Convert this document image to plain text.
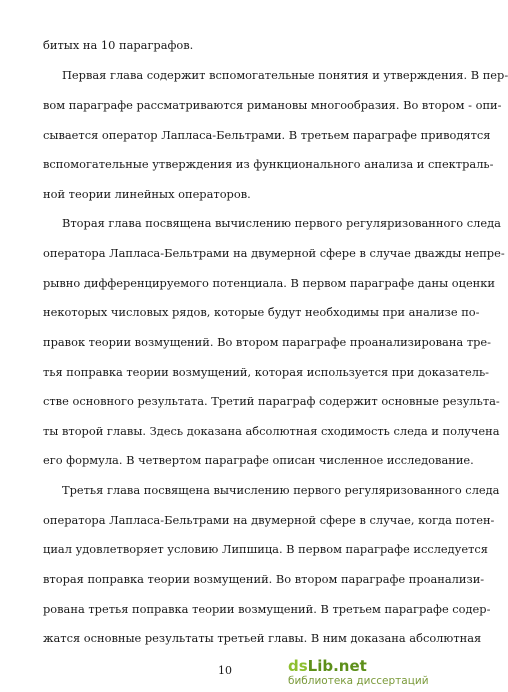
битых на 10 параграфов.
Первая глава содержит вспомогательные понятия и утверждения. В пер-
вом параграфе рассматриваются римановы многообразия. Во втором - опи-
сывается оператор Лапласа-Бельтрами. В третьем параграфе приводятся
вспомогательные утверждения из функционального анализа и спектраль-
ной теории линейных операторов.
Вторая глава посвящена вычислению первого регуляризованного следа
оператора Лапласа-Бельтрами на двумерной сфере в случае дважды непре-
рывно дифференцируемого потенциала. В первом параграфе даны оценки
некоторых числовых рядов, которые будут необходимы при анализе по-
правок теории возмущений. Во втором параграфе проанализирована тре-
тья поправка теории возмущений, которая используется при доказатель-
стве основного результата. Третий параграф содержит основные результа-
ты второй главы. Здесь доказана абсолютная сходимость следа и получена
его формула. В четвертом параграфе описан численное исследование.
Третья глава посвящена вычислению первого регуляризованного следа
оператора Лапласа-Бельтрами на двумерной сфере в случае, когда потен-
циал удовлетворяет условию Липшица. В первом параграфе исследуется
вторая поправка теории возмущений. Во втором параграфе проанализи-
рована третья поправка теории возмущений. В третьем параграфе содер-
жатся основные результаты третьей главы. В ним доказана абсолютная
10	dsLib.net
библиотека диссертаций
